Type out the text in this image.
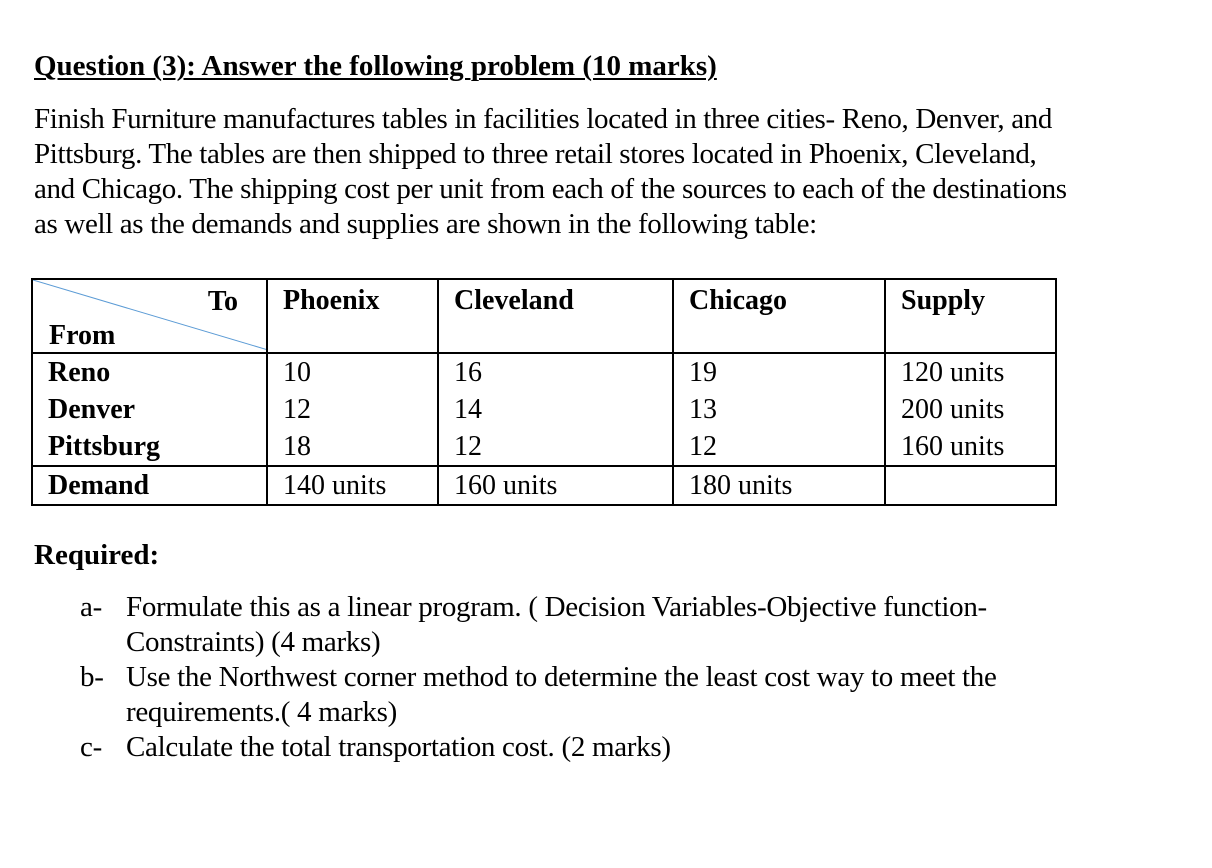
Question (3): Answer the following problem (10 marks)

Finish Furniture manufactures tables in facilities located in three cities- Reno, Denver, and
Pittsburg. The tables are then shipped to three retail stores located in Phoenix, Cleveland,
and Chicago. The shipping cost per unit from each of the sources to each of the destinations
as well as the demands and supplies are shown in the following table:

To
From	Phoenix	Cleveland	Chicago	Supply
Reno	10	16	19	120 units
Denver	12	14	13	200 units
Pittsburg	18	12	12	160 units
Demand	140 units	160 units	180 units	
Required:
a- Formulate this as a linear program. ( Decision Variables-Objective function-
Constraints) (4 marks)
b- Use the Northwest corner method to determine the least cost way to meet the
requirements.( 4 marks)
c- Calculate the total transportation cost. (2 marks)
